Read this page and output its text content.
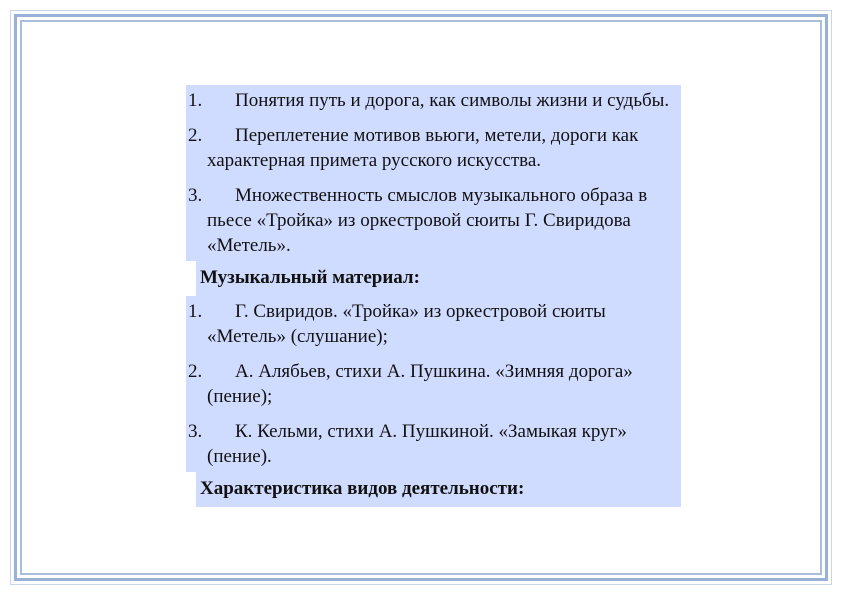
1.	Понятия путь и дорога, как символы жизни и судьбы.
2.	Переплетение мотивов вьюги, метели, дороги как характерная примета русского искусства.
3.	Множественность смыслов музыкального образа в пьесе «Тройка» из оркестровой сюиты Г. Свиридова «Метель».
Музыкальный материал:
1.	Г. Свиридов. «Тройка» из оркестровой сюиты «Метель» (слушание);
2.	А. Алябьев, стихи А. Пушкина. «Зимняя дорога» (пение);
3.	К. Кельми, стихи А. Пушкиной. «Замыкая круг» (пение).
Характеристика видов деятельности:
